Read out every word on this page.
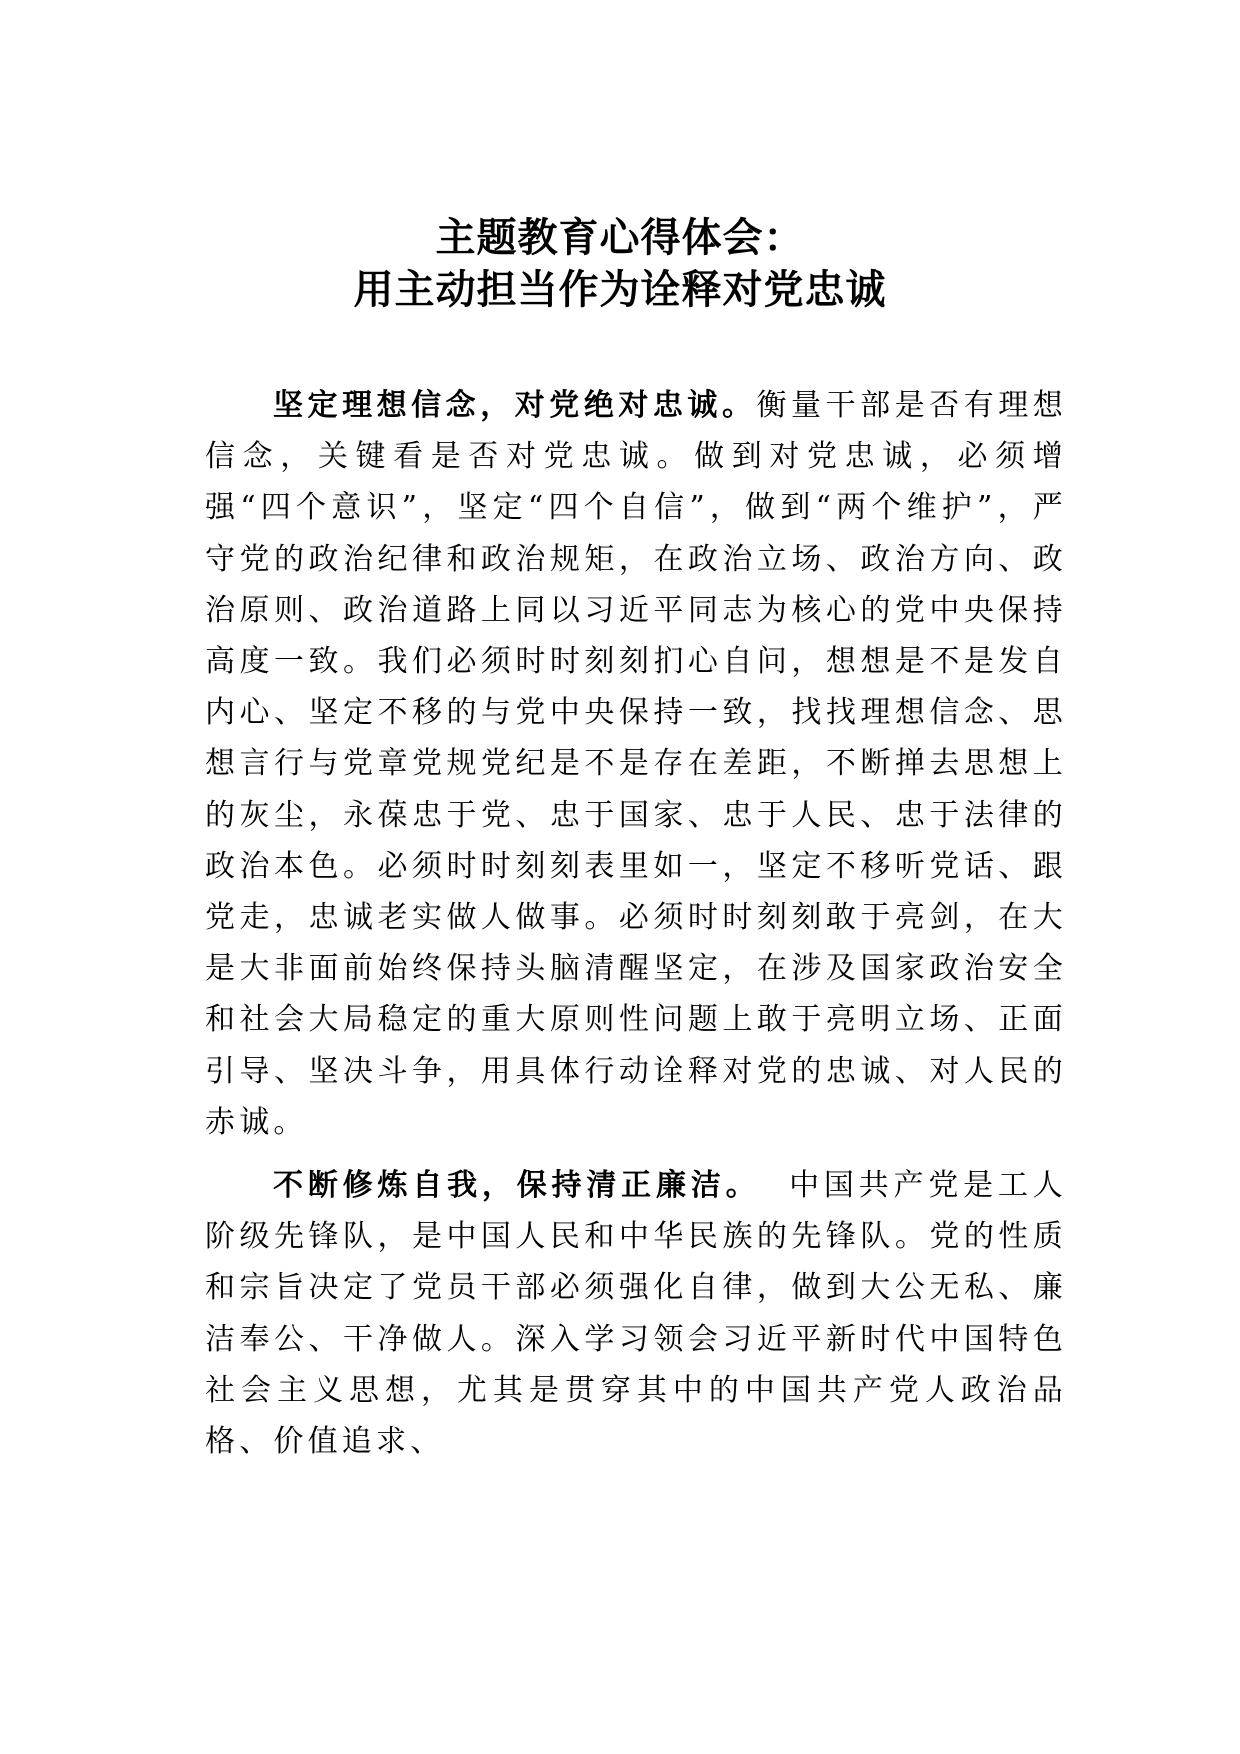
主题教育心得体会：
用主动担当作为诠释对党忠诚

坚定理想信念，对党绝对忠诚。衡量干部是否有理想信念，关键看是否对党忠诚。做到对党忠诚，必须增强“四个意识”，坚定“四个自信”，做到“两个维护”，严守党的政治纪律和政治规矩，在政治立场、政治方向、政治原则、政治道路上同以习近平同志为核心的党中央保持高度一致。我们必须时时刻刻扪心自问，想想是不是发自内心、坚定不移的与党中央保持一致，找找理想信念、思想言行与党章党规党纪是不是存在差距，不断掸去思想上的灰尘，永葆忠于党、忠于国家、忠于人民、忠于法律的政治本色。必须时时刻刻表里如一，坚定不移听党话、跟党走，忠诚老实做人做事。必须时时刻刻敢于亮剑，在大是大非面前始终保持头脑清醒坚定，在涉及国家政治安全和社会大局稳定的重大原则性问题上敢于亮明立场、正面引导、坚决斗争，用具体行动诠释对党的忠诚、对人民的赤诚。

不断修炼自我，保持清正廉洁。  中国共产党是工人阶级先锋队，是中国人民和中华民族的先锋队。党的性质和宗旨决定了党员干部必须强化自律，做到大公无私、廉洁奉公、干净做人。深入学习领会习近平新时代中国特色社会主义思想，尤其是贯穿其中的中国共产党人政治品格、价值追求、
